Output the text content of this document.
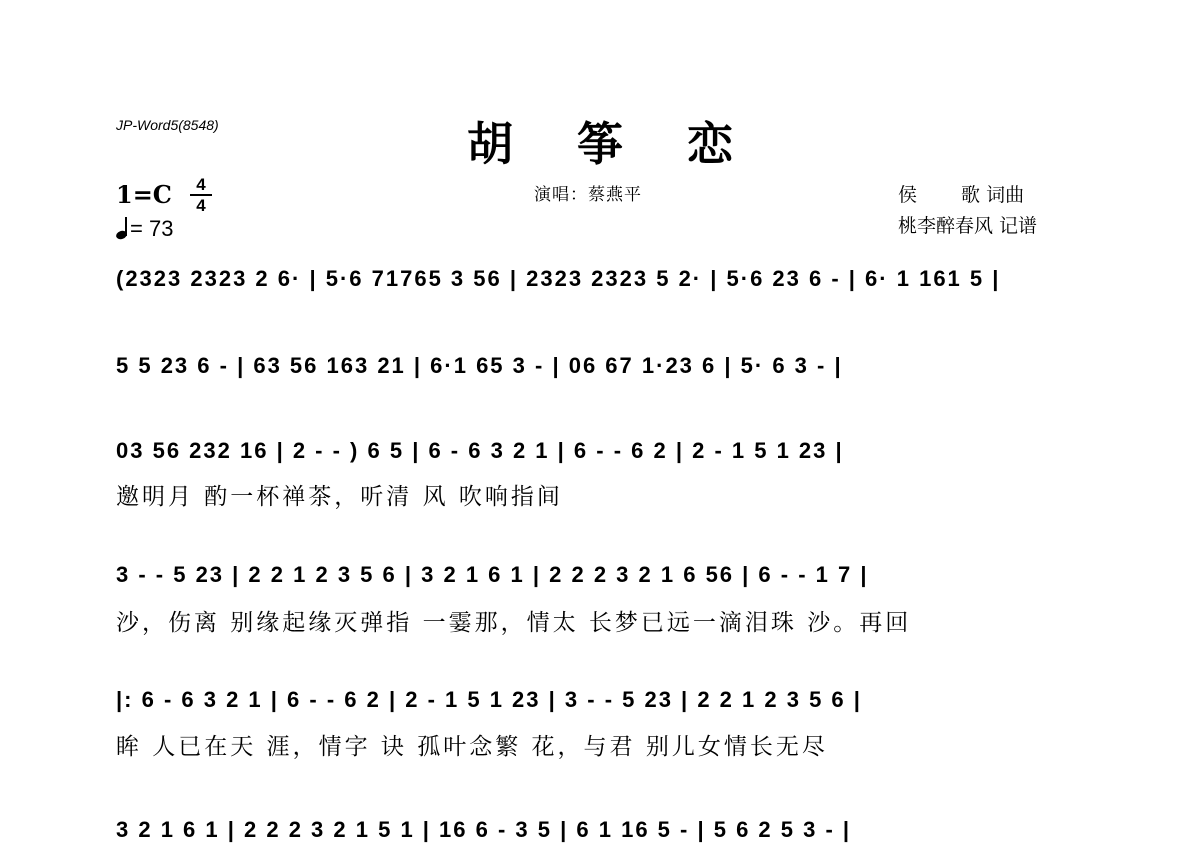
JP-Word5(8548)	胡 筝 恋
1=C	4
4
= 73
演唱：蔡燕平	侯　　 歌 词曲
桃李醉春风 记谱
(2323 2323 2 6· | 5·6 71765 3 56 | 2323 2323 5 2· | 5·6 23 6 - | 6· 1 161 5 |
5 5 23 6 - | 63 56 163 21 | 6·1 65 3 - | 06 67 1·23 6 | 5· 6 3 - |
03 56 232 16 | 2 - - ) 6 5 | 6 - 6 3 2 1 | 6 - - 6 2 | 2 - 1 5 1 23 |
邀明月 酌一杯禅茶，听清 风 吹响指间
3 - - 5 23 | 2 2 1 2 3 5 6 | 3 2 1 6 1 | 2 2 2 3 2 1 6 56 | 6 - - 1 7 |
沙，伤离 别缘起缘灭弹指 一霎那，情太 长梦已远一滴泪珠 沙。再回
|: 6 - 6 3 2 1 | 6 - - 6 2 | 2 - 1 5 1 23 | 3 - - 5 23 | 2 2 1 2 3 5 6 |
眸 人已在天 涯，情字 诀 孤叶念繁 花，与君 别儿女情长无尽
3 2 1 6 1 | 2 2 2 3 2 1 5 1 | 16 6 - 3 5 | 6 1 16 5 - | 5 6 2 5 3 - |
